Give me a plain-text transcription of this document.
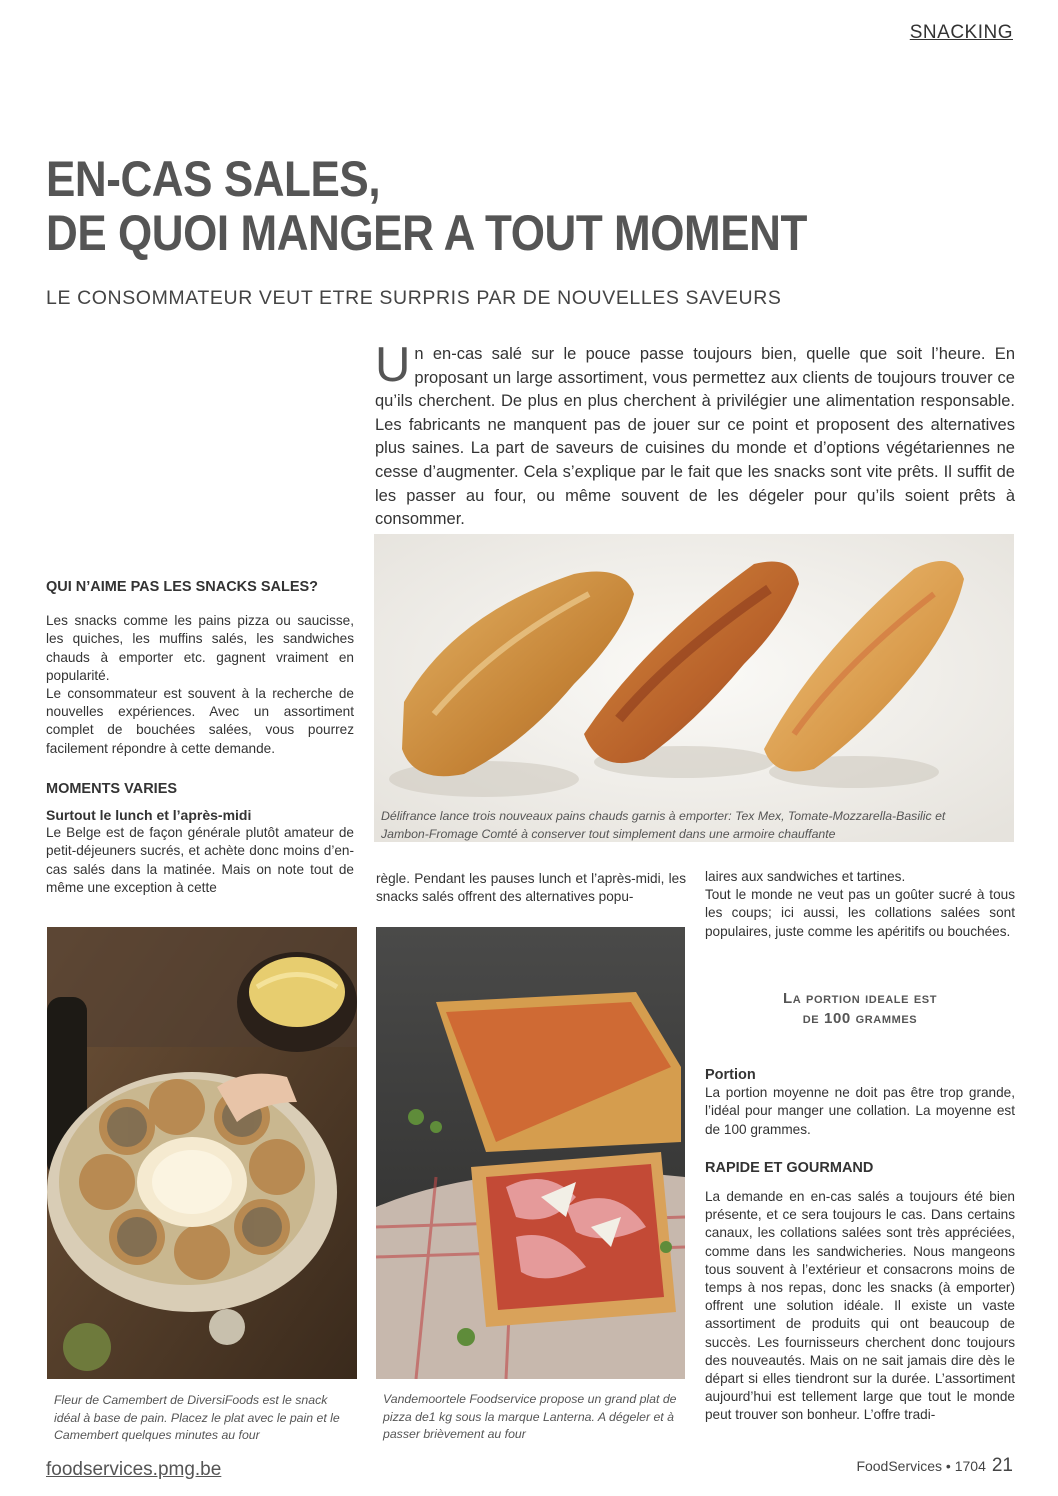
SNACKING
EN-CAS SALES,
DE QUOI MANGER A TOUT MOMENT
LE CONSOMMATEUR VEUT ETRE SURPRIS PAR DE NOUVELLES SAVEURS
Un en-cas salé sur le pouce passe toujours bien, quelle que soit l’heure. En proposant un large assortiment, vous permettez aux clients de toujours trouver ce qu’ils cherchent. De plus en plus cherchent à privilégier une alimentation responsable. Les fabricants ne manquent pas de jouer sur ce point et proposent des alternatives plus saines. La part de saveurs de cuisines du monde et d’options végétariennes ne cesse d’augmenter. Cela s’explique par le fait que les snacks sont vite prêts. Il suffit de les passer au four, ou même souvent de les dégeler pour qu’ils soient prêts à consommer.
Délifrance lance trois nouveaux pains chauds garnis à emporter: Tex Mex, Tomate-Mozzarella-Basilic et Jambon-Fromage Comté à conserver tout simplement dans une armoire chauffante

QUI N’AIME PAS LES SNACKS SALES?

Les snacks comme les pains pizza ou saucisse, les quiches, les muffins salés, les sandwiches chauds à emporter etc. gagnent vraiment en popularité.

Le consommateur est souvent à la recherche de nouvelles expériences. Avec un assortiment complet de bouchées salées, vous pourrez facilement répondre à cette demande.

MOMENTS VARIES

Surtout le lunch et l’après-midi

Le Belge est de façon générale plutôt amateur de petit-déjeuners sucrés, et achète donc moins d’en-cas salés dans la matinée. Mais on note tout de même une exception à cette

règle. Pendant les pauses lunch et l’après-midi, les snacks salés offrent des alternatives popu-

laires aux sandwiches et tartines.

Tout le monde ne veut pas un goûter sucré à tous les coups; ici aussi, les collations salées sont populaires, juste comme les apéritifs ou bouchées.

La portion ideale est
de 100 grammes

Portion

La portion moyenne ne doit pas être trop grande, l’idéal pour manger une collation. La moyenne est de 100 grammes.

RAPIDE ET GOURMAND

La demande en en-cas salés a toujours été bien présente, et ce sera toujours le cas. Dans certains canaux, les collations salées sont très appréciées, comme dans les sandwicheries. Nous mangeons tous souvent à l’extérieur et consacrons moins de temps à nos repas, donc les snacks (à emporter) offrent une solution idéale. Il existe un vaste assortiment de produits qui ont beaucoup de succès. Les fournisseurs cherchent donc toujours des nouveautés. Mais on ne sait jamais dire dès le départ si elles tiendront sur la durée. L’assortiment aujourd’hui est tellement large que tout le monde peut trouver son bonheur. L’offre tradi-

Fleur de Camembert de DiversiFoods est le snack idéal à base de pain. Placez le plat avec le pain et le Camembert quelques minutes au four
Vandemoortele Foodservice propose un grand plat de pizza de1 kg sous la marque Lanterna. A dégeler et à passer brièvement au four
foodservices.pmg.be	FoodServices • 1704 21
